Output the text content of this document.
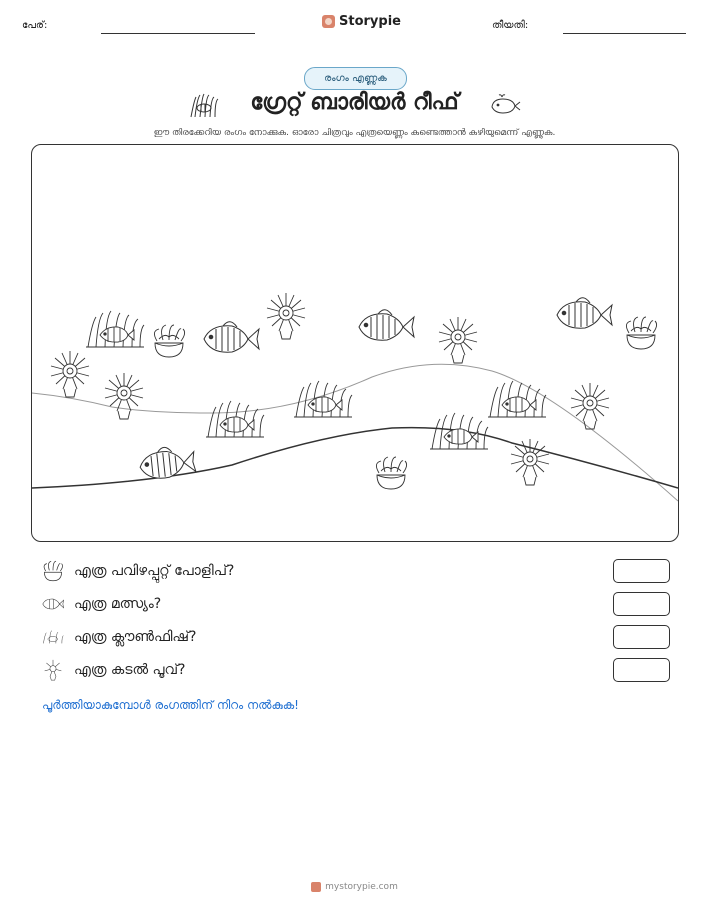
പേര്:	Storypie	തീയതി:
രംഗം എണ്ണുക
ഗ്രേറ്റ് ബാരിയർ റീഫ്
ഈ തിരക്കേറിയ രംഗം നോക്കുക. ഓരോ ചിത്രവും എത്രയെണ്ണം കണ്ടെത്താൻ കഴിയുമെന്ന് എണ്ണുക.
എത്ര പവിഴപ്പുറ്റ് പോളിപ്?
എത്ര മത്സ്യം?
എത്ര ക്ലൗൺഫിഷ്?
എത്ര കടൽ പൂവ്?
പൂർത്തിയാകുമ്പോൾ രംഗത്തിന് നിറം നൽകുക!
mystorypie.com
